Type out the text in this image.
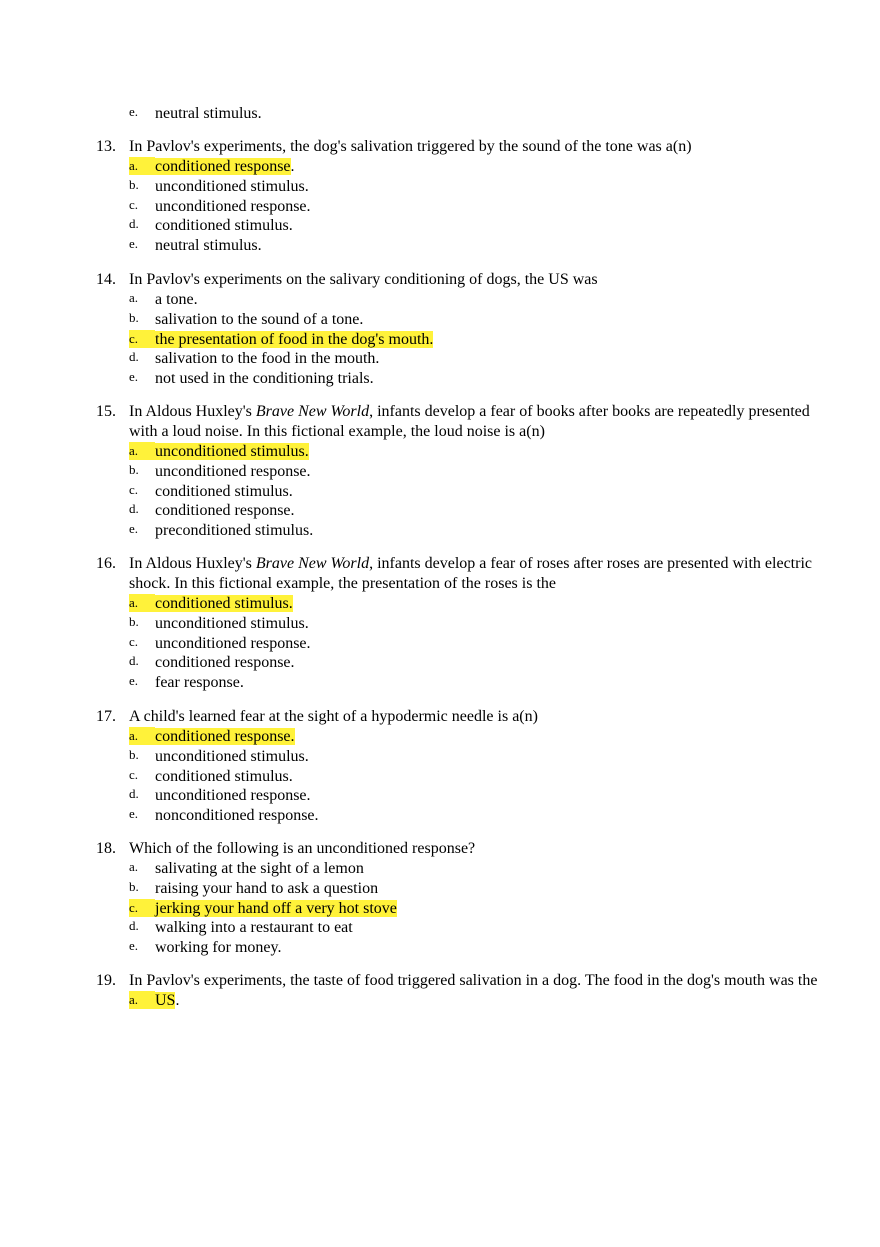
e.	neutral stimulus.
13. In Pavlov's experiments, the dog's salivation triggered by the sound of the tone was a(n)
a.	conditioned response.
b.	unconditioned stimulus.
c.	unconditioned response.
d.	conditioned stimulus.
e.	neutral stimulus.
14. In Pavlov's experiments on the salivary conditioning of dogs, the US was
a.	a tone.
b.	salivation to the sound of a tone.
c.	the presentation of food in the dog's mouth.
d.	salivation to the food in the mouth.
e.	not used in the conditioning trials.
15. In Aldous Huxley's Brave New World, infants develop a fear of books after books are repeatedly presented with a loud noise. In this fictional example, the loud noise is a(n)
a.	unconditioned stimulus.
b.	unconditioned response.
c.	conditioned stimulus.
d.	conditioned response.
e.	preconditioned stimulus.
16. In Aldous Huxley's Brave New World, infants develop a fear of roses after roses are presented with electric shock. In this fictional example, the presentation of the roses is the
a.	conditioned stimulus.
b.	unconditioned stimulus.
c.	unconditioned response.
d.	conditioned response.
e.	fear response.
17. A child's learned fear at the sight of a hypodermic needle is a(n)
a.	conditioned response.
b.	unconditioned stimulus.
c.	conditioned stimulus.
d.	unconditioned response.
e.	nonconditioned response.
18. Which of the following is an unconditioned response?
a.	salivating at the sight of a lemon
b.	raising your hand to ask a question
c.	jerking your hand off a very hot stove
d.	walking into a restaurant to eat
e.	working for money.
19. In Pavlov's experiments, the taste of food triggered salivation in a dog. The food in the dog's mouth was the
a.	US.
